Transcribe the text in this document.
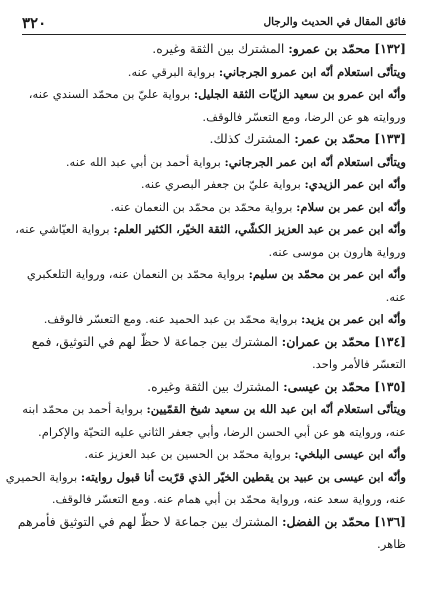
٣٢٠	فائق المقال في الحديث والرجال
[١٣٢] محمّد بن عمرو: المشترك بين الثقة وغيره.
ويتأتّى استعلام أنّه ابن عمرو الجرجاني: برواية البرقي عنه.
وأنّه ابن عمرو بن سعيد الزيّات الثقة الجليل: برواية عليّ بن محمّد السندي عنه،
وروايته هو عن الرضا، ومع التعسّر فالوقف.
[١٣٣] محمّد بن عمر: المشترك كذلك.
ويتأتّى استعلام أنّه ابن عمر الجرجاني: برواية أحمد بن أبي عبد الله عنه.
وأنّه ابن عمر الزيدي: برواية عليّ بن جعفر البصري عنه.
وأنّه ابن عمر بن سلام: برواية محمّد بن محمّد بن النعمان عنه.
وأنّه ابن عمر بن عبد العزيز الكشّي، الثقة الخيّر، الكثير العلم: برواية العيّاشي عنه،
ورواية هارون بن موسى عنه.
وأنّه ابن عمر بن محمّد بن سليم: برواية محمّد بن النعمان عنه، ورواية التلعكبري
عنه.
وأنّه ابن عمر بن يزيد: برواية محمّد بن عبد الحميد عنه. ومع التعسّر فالوقف.
[١٣٤] محمّد بن عمران: المشترك بين جماعة لا حظّ لهم في التوثيق، فمع
التعسّر فالأمر واحد.
[١٣٥] محمّد بن عيسى: المشترك بين الثقة وغيره.
ويتأتّى استعلام أنّه ابن عبد الله بن سعيد شيخ القمّيين: برواية أحمد بن محمّد ابنه
عنه، وروايته هو عن أبي الحسن الرضا، وأبي جعفر الثاني عليه التحيّة والإكرام.
وأنّه ابن عيسى البلخي: برواية محمّد بن الحسين بن عبد العزيز عنه.
وأنّه ابن عيسى بن عبيد بن يقطين الخيّر الذي قرّبت أنا قبول روايته: برواية الحميري
عنه، ورواية سعد عنه، ورواية محمّد بن أبي همام عنه. ومع التعسّر فالوقف.
[١٣٦] محمّد بن الفضل: المشترك بين جماعة لا حظّ لهم في التوثيق فأمرهم
ظاهر.
